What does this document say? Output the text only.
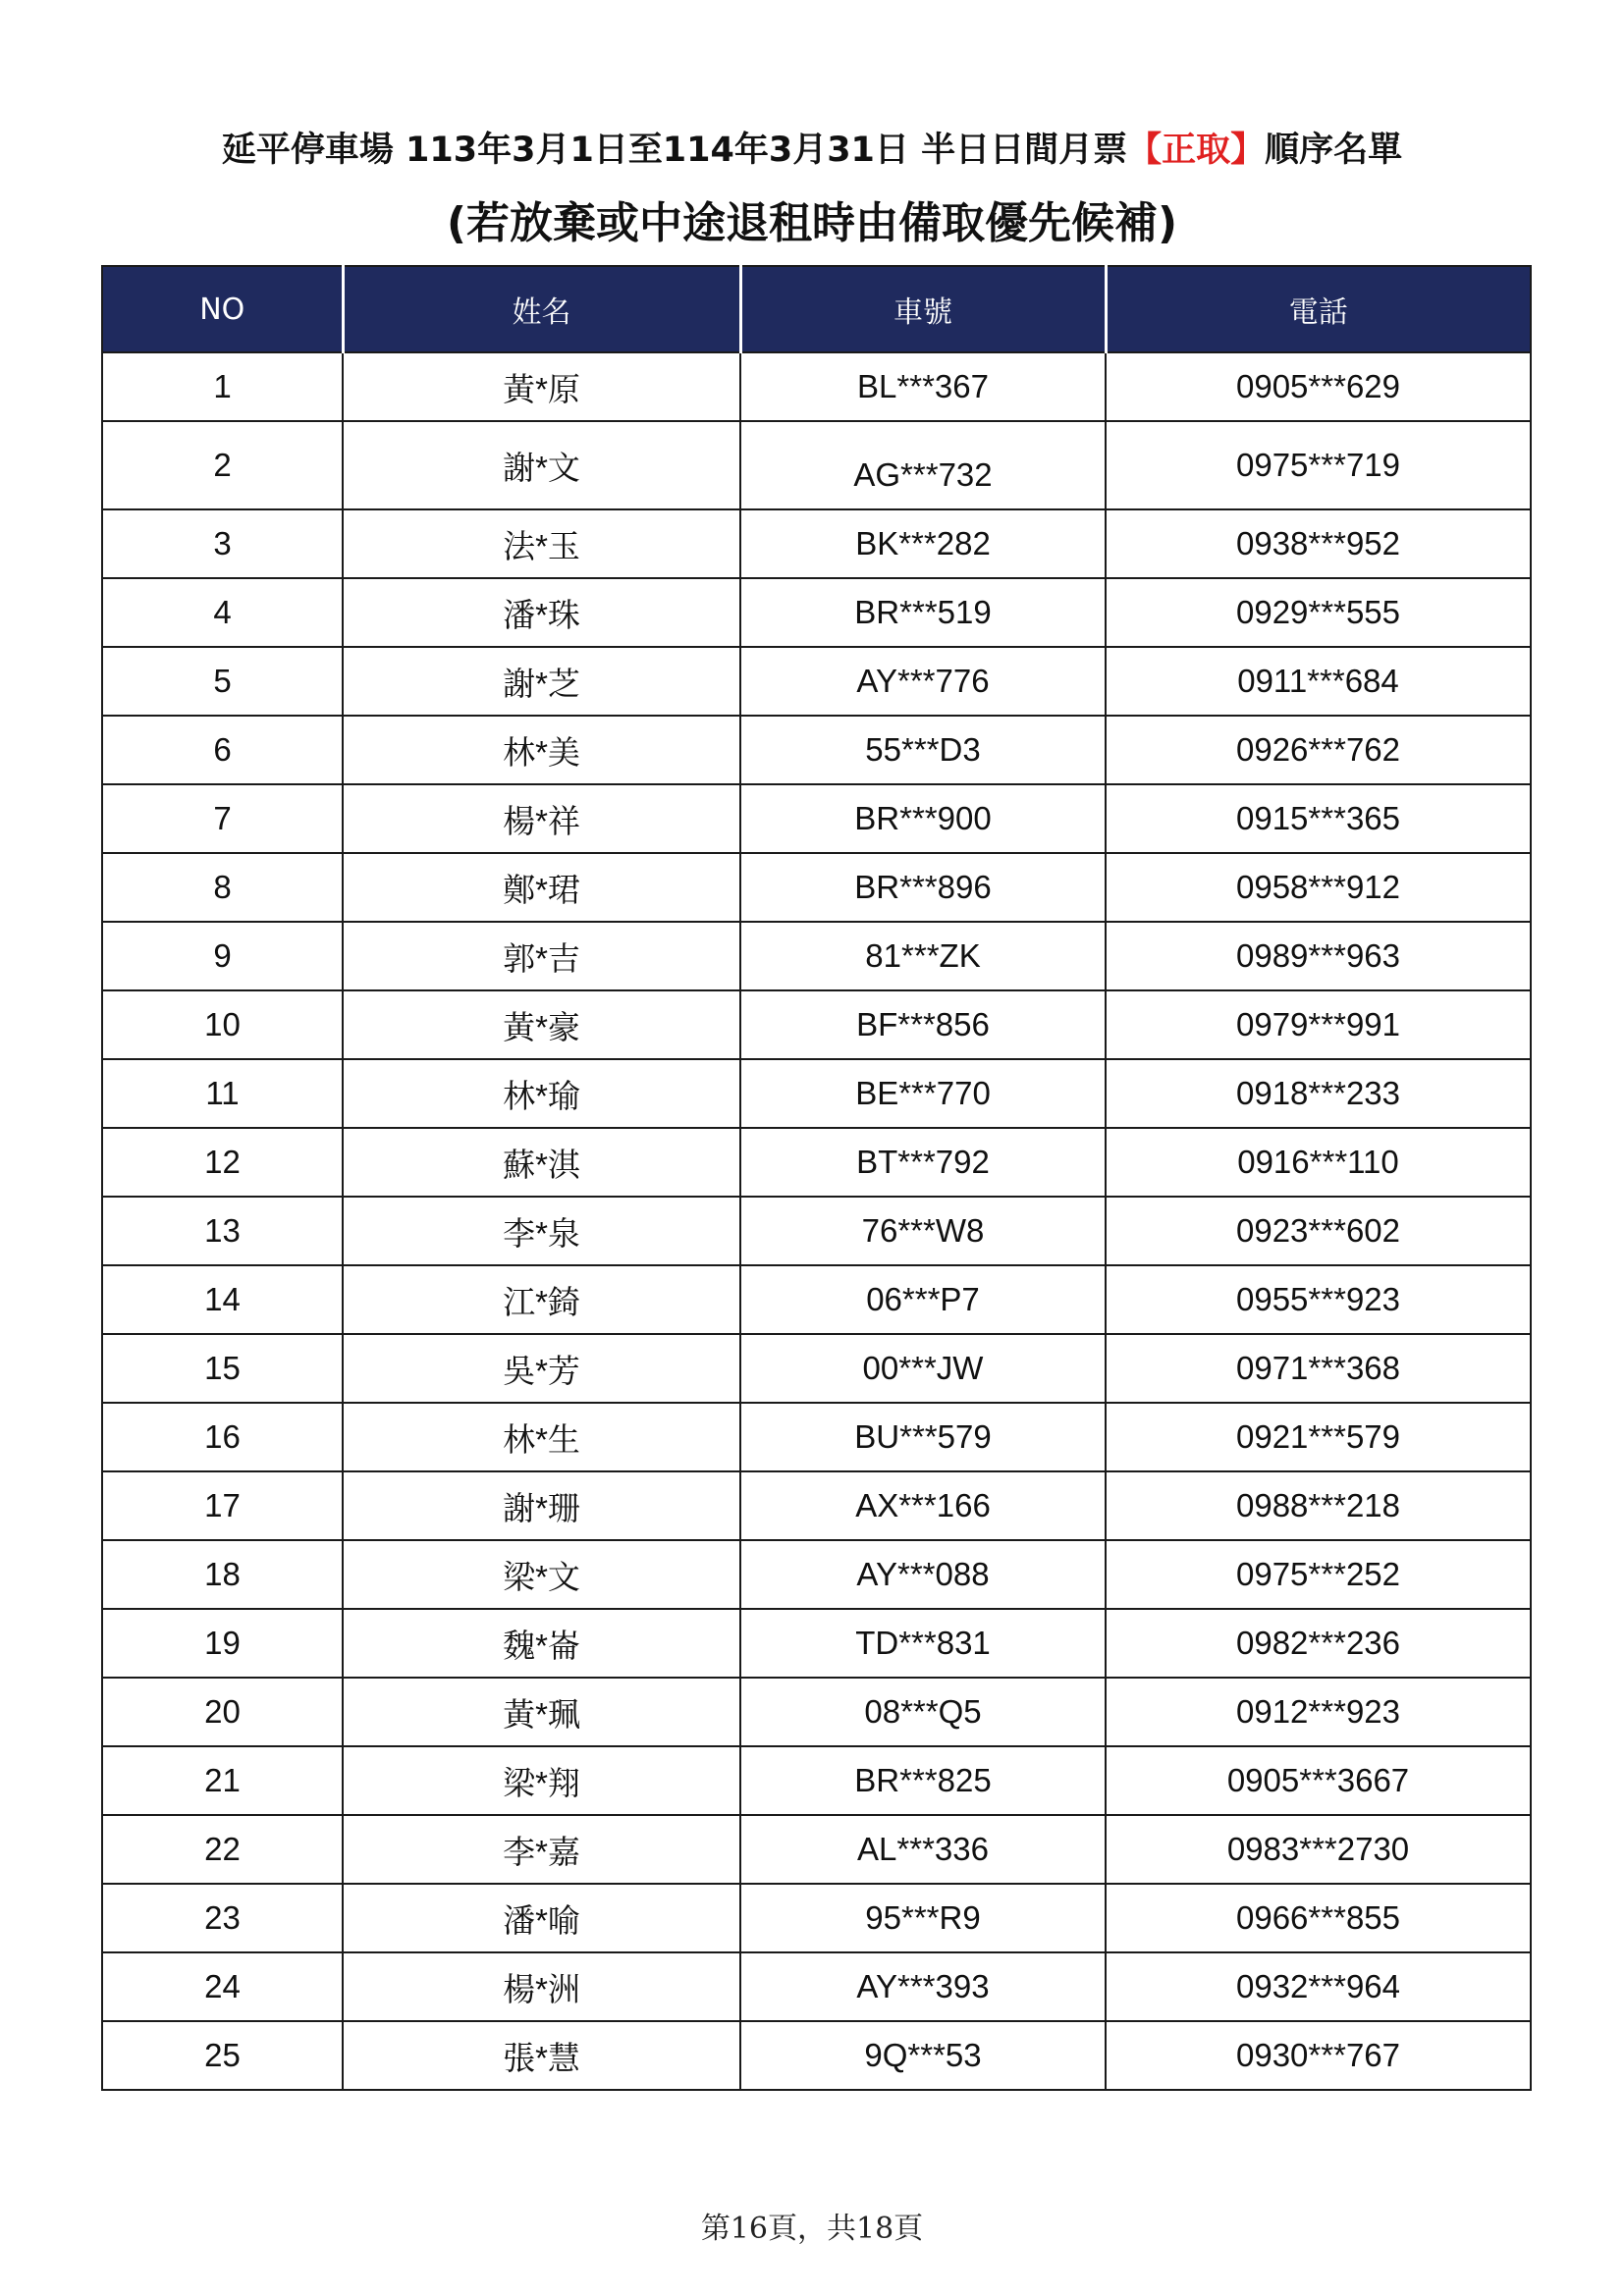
延平停車場 113年3月1日至114年3月31日 半日日間月票【正取】順序名單
(若放棄或中途退租時由備取優先候補)
NO	姓名	車號	電話
1	黃*原	BL***367	0905***629
2	謝*文	AG***732	0975***719
3	法*玉	BK***282	0938***952
4	潘*珠	BR***519	0929***555
5	謝*芝	AY***776	0911***684
6	林*美	55***D3	0926***762
7	楊*祥	BR***900	0915***365
8	鄭*珺	BR***896	0958***912
9	郭*吉	81***ZK	0989***963
10	黃*豪	BF***856	0979***991
11	林*瑜	BE***770	0918***233
12	蘇*淇	BT***792	0916***110
13	李*泉	76***W8	0923***602
14	江*錡	06***P7	0955***923
15	吳*芳	00***JW	0971***368
16	林*生	BU***579	0921***579
17	謝*珊	AX***166	0988***218
18	梁*文	AY***088	0975***252
19	魏*崙	TD***831	0982***236
20	黃*珮	08***Q5	0912***923
21	梁*翔	BR***825	0905***3667
22	李*嘉	AL***336	0983***2730
23	潘*喻	95***R9	0966***855
24	楊*洲	AY***393	0932***964
25	張*慧	9Q***53	0930***767
第16頁，共18頁
